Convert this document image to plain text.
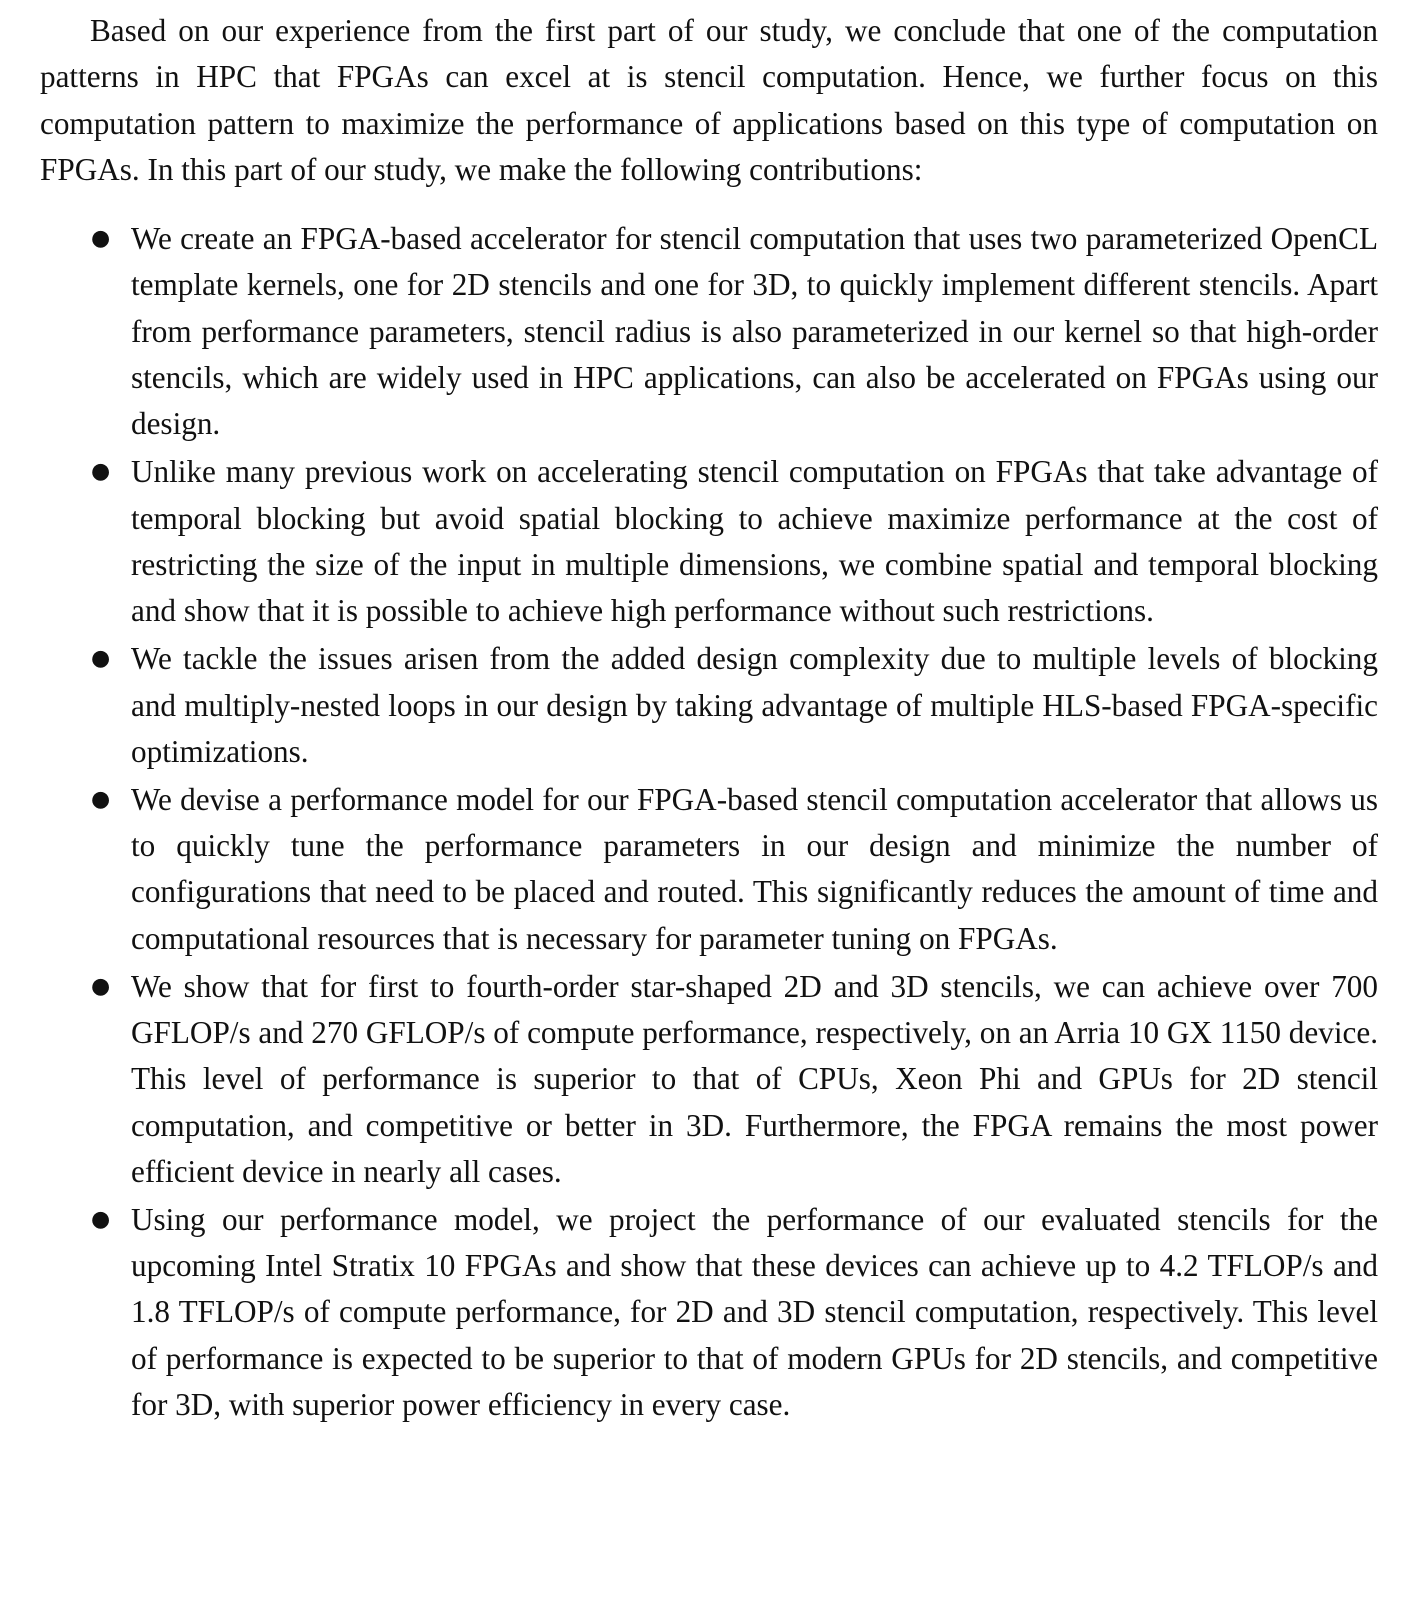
Based on our experience from the first part of our study, we conclude that one of the computation patterns in HPC that FPGAs can excel at is stencil computation. Hence, we further focus on this computation pattern to maximize the performance of applications based on this type of computation on FPGAs. In this part of our study, we make the following contributions:

● We create an FPGA-based accelerator for stencil computation that uses two parameterized OpenCL template kernels, one for 2D stencils and one for 3D, to quickly implement different stencils. Apart from performance parameters, stencil radius is also parameterized in our kernel so that high-order stencils, which are widely used in HPC applications, can also be accelerated on FPGAs using our design.
● Unlike many previous work on accelerating stencil computation on FPGAs that take advantage of temporal blocking but avoid spatial blocking to achieve maximize performance at the cost of restricting the size of the input in multiple dimensions, we combine spatial and temporal blocking and show that it is possible to achieve high performance without such restrictions.
● We tackle the issues arisen from the added design complexity due to multiple levels of blocking and multiply-nested loops in our design by taking advantage of multiple HLS-based FPGA-specific optimizations.
● We devise a performance model for our FPGA-based stencil computation accelerator that allows us to quickly tune the performance parameters in our design and minimize the number of configurations that need to be placed and routed. This significantly reduces the amount of time and computational resources that is necessary for parameter tuning on FPGAs.
● We show that for first to fourth-order star-shaped 2D and 3D stencils, we can achieve over 700 GFLOP/s and 270 GFLOP/s of compute performance, respectively, on an Arria 10 GX 1150 device. This level of performance is superior to that of CPUs, Xeon Phi and GPUs for 2D stencil computation, and competitive or better in 3D. Furthermore, the FPGA remains the most power efficient device in nearly all cases.
● Using our performance model, we project the performance of our evaluated stencils for the upcoming Intel Stratix 10 FPGAs and show that these devices can achieve up to 4.2 TFLOP/s and 1.8 TFLOP/s of compute performance, for 2D and 3D stencil computation, respectively. This level of performance is expected to be superior to that of modern GPUs for 2D stencils, and competitive for 3D, with superior power efficiency in every case.
